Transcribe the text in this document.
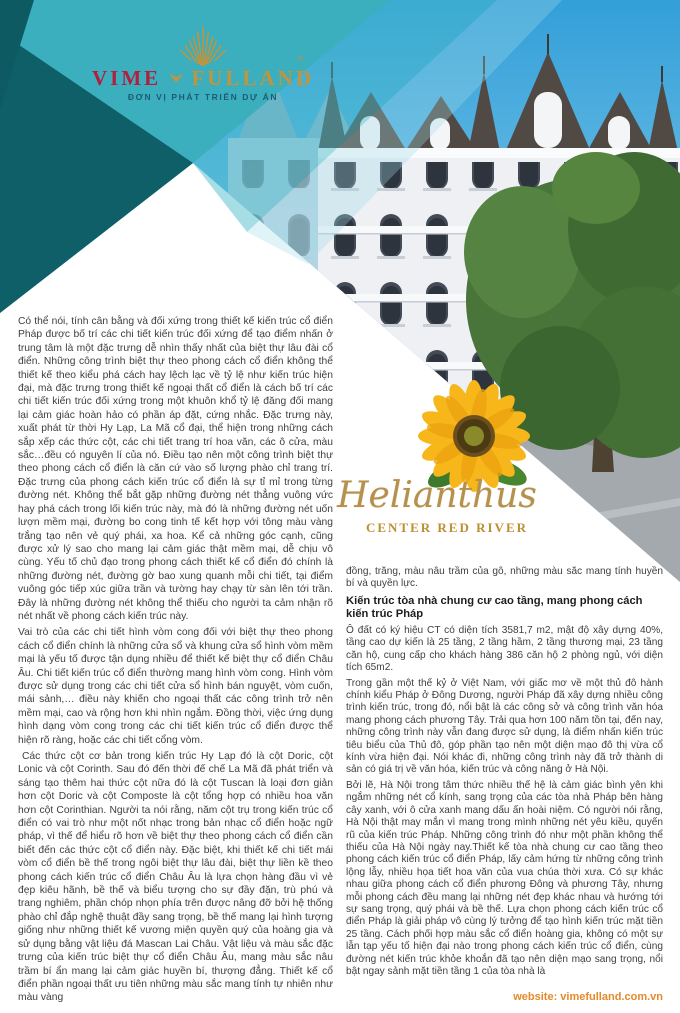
®
VIME FULLAND
ĐƠN VỊ PHÁT TRIỂN DỰ ÁN
Helianthus
CENTER RED RIVER

Có thể nói, tính cân bằng và đối xứng trong thiết kế kiến trúc cổ điển Pháp được bố trí các chi tiết kiến trúc đối xứng để tạo điểm nhấn ở trung tâm là một đặc trưng dễ nhìn thấy nhất của biệt thự lâu đài cổ điển. Những công trình biệt thự theo phong cách cổ điển không thể thiết kế theo kiểu phá cách hay lệch lạc về tỷ lệ như kiến trúc hiện đại, mà đặc trưng trong thiết kế ngoại thất cổ điển là cách bố trí các chi tiết kiến trúc đối xứng trong một khuôn khổ tỷ lệ đăng đối mang lại cảm giác hoàn hảo có phần áp đặt, cứng nhắc. Đặc trưng này, xuất phát từ thời Hy Lạp, La Mã cổ đại, thể hiện trong những cách sắp xếp các thức cột, các chi tiết trang trí hoa văn, các ô cửa, màu sắc…đều có nguyên lí của nó. Điều tạo nên một công trình biệt thự theo phong cách cổ điển là căn cứ vào số lượng phào chỉ trang trí. Đặc trưng của phong cách kiến trúc cổ điển là sự tỉ mỉ trong từng đường nét. Không thể bắt gặp những đường nét thẳng vuông vức hay phá cách trong lối kiến trúc này, mà đó là những đường nét uốn lượn mềm mại, đường bo cong tinh tế kết hợp với tông màu vàng trắng tạo nên vẻ quý phái, xa hoa. Kể cả những góc cạnh, cũng được xử lý sao cho mang lại cảm giác thật mềm mại, dễ chịu vô cùng. Yếu tố chủ đạo trong phong cách thiết kế cổ điển đó chính là những đường nét, đường gờ bao xung quanh mỗi chi tiết, tại điểm vuông góc tiếp xúc giữa trần và tường hay chạy từ sàn lên tới trần. Đây là những đường nét không thể thiếu cho người ta cảm nhận rõ nét nhất về phong cách kiến trúc này.

Vai trò của các chi tiết hình vòm cong đối với biệt thự theo phong cách cổ điển chính là những cửa sổ và khung cửa sổ hình vòm mềm mại là yếu tố được tận dụng nhiều để thiết kế biệt thự cổ điển Châu Âu. Chi tiết kiến trúc cổ điển thường mang hình vòm cong. Hình vòm được sử dụng trong các chi tiết cửa sổ hình bán nguyệt, vòm cuốn, mái sảnh,… điều này khiến cho ngoại thất các công trình trở nên mềm mại, cao và rộng hơn khi nhìn ngắm. Đồng thời, việc ứng dụng hình dạng vòm cong trong các chi tiết kiến trúc cổ điển được thể hiện rõ ràng, hoặc các chi tiết cổng vòm.

Các thức cột cơ bản trong kiến trúc Hy Lạp đó là cột Doric, cột Lonic và cột Corinth. Sau đó đến thời đế chế La Mã đã phát triển và sáng tạo thêm hai thức cột nữa đó là cột Tuscan là loại đơn giản hơn cột Doric và cột Composte là cột tổng hợp có nhiều hoa văn hơn cột Corinthian. Người ta nói rằng, năm cột trụ trong kiến trúc cổ điển có vai trò như một nốt nhạc trong bản nhạc cổ điển hoặc ngữ pháp, vì thế để hiểu rõ hơn về biệt thự theo phong cách cổ điển cần biết đến các thức cột cổ điển này. Đặc biệt, khi thiết kế chi tiết mái vòm cổ điển bề thế trong ngôi biệt thự lâu đài, biệt thự liền kề theo phong cách kiến trúc cổ điển Châu Âu là lựa chọn hàng đầu vì vẻ đẹp kiêu hãnh, bề thế và biểu tượng cho sự đầy đặn, trù phú và trang nghiêm, phần chóp nhọn phía trên được nâng đỡ bởi hệ thống phào chỉ đắp nghệ thuật đầy sang trọng, bề thế mang lại hình tượng giống như những thiết kế vương miện quyền quý của hoàng gia và sử dụng bằng vật liệu đá Mascan Lai Châu. Vật liệu và màu sắc đặc trưng của kiến trúc biệt thự cổ điển Châu Âu, mang màu sắc nâu trầm bí ẩn mang lại cảm giác huyền bí, thượng đẳng. Thiết kế cổ điển phần ngoại thất ưu tiên những màu sắc mang tính tự nhiên như màu vàng

đồng, trắng, màu nâu trầm của gỗ, những màu sắc mang tính huyền bí và quyền lực.

Kiến trúc tòa nhà chung cư cao tầng, mang phong cách kiến trúc Pháp

Ô đất có ký hiệu CT có diện tích 3581,7 m2, mật độ xây dựng 40%, tầng cao dự kiến là 25 tầng, 2 tầng hầm, 2 tầng thương mại, 23 tầng căn hộ, cung cấp cho khách hàng 386 căn hộ 2 phòng ngủ, với diện tích 65m2.

Trong gần một thế kỷ ở Việt Nam, với giấc mơ về một thủ đô hành chính kiểu Pháp ở Đông Dương, người Pháp đã xây dựng nhiều công trình kiến trúc, trong đó, nổi bật là các công sở và công trình văn hóa mang phong cách phương Tây. Trải qua hơn 100 năm tồn tại, đến nay, những công trình này vẫn đang được sử dụng, là điểm nhấn kiến trúc tiêu biểu của Thủ đô, góp phần tạo nên một diện mạo đô thị vừa cổ kính vừa hiện đại. Nói khác đi, những công trình này đã trở thành di sản có giá trị về văn hóa, kiến trúc và công năng ở Hà Nội.

Bởi lẽ, Hà Nội trong tâm thức nhiều thế hệ là cảm giác bình yên khi ngắm những nét cổ kính, sang trọng của các tòa nhà Pháp bên hàng cây xanh, với ô cửa xanh mang dấu ấn hoài niệm. Có người nói rằng, Hà Nội thật may mắn vì mang trong mình những nét yêu kiều, quyến rũ của kiến trúc Pháp. Những công trình đó như một phần không thể thiếu của Hà Nội ngày nay.Thiết kế tòa nhà chung cư cao tầng theo phong cách kiến trúc cổ điển Pháp, lấy cảm hứng từ những công trình lộng lẫy, nhiều họa tiết hoa văn của vua chúa thời xưa. Có sự khác nhau giữa phong cách cổ điển phương Đông và phương Tây, nhưng mỗi phong cách đều mang lại những nét đẹp khác nhau và hướng tới sự sang trọng, quý phái và bề thế. Lựa chọn phong cách kiến trúc cổ điển Pháp là giải pháp vô cùng lý tưởng để tạo hình kiến trúc mặt tiền 25 tầng. Cách phối hợp màu sắc cổ điển hoàng gia, không có một sự lẫn tạp yếu tố hiện đại nào trong phong cách kiến trúc cổ điển, cùng đường nét kiến trúc khỏe khoắn đã tạo nên diện mạo sang trọng, nổi bật ngay sảnh mặt tiền tầng 1 của tòa nhà là

website: vimefulland.com.vn
